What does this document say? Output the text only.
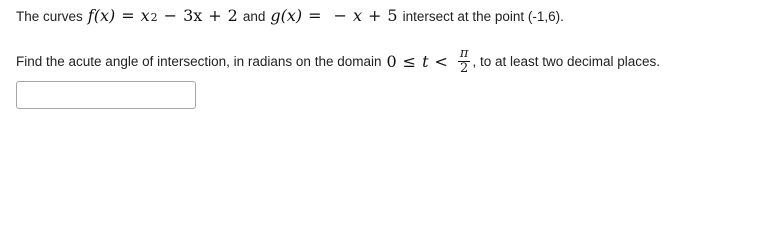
The curves f(x) = x 2 − 3x + 2 and g(x) = − x + 5 intersect at the point (-1,6).
Find the acute angle of intersection, in radians on the domain $0 \le t < \frac{\pi}{2}$ , to at least two decimal places.
